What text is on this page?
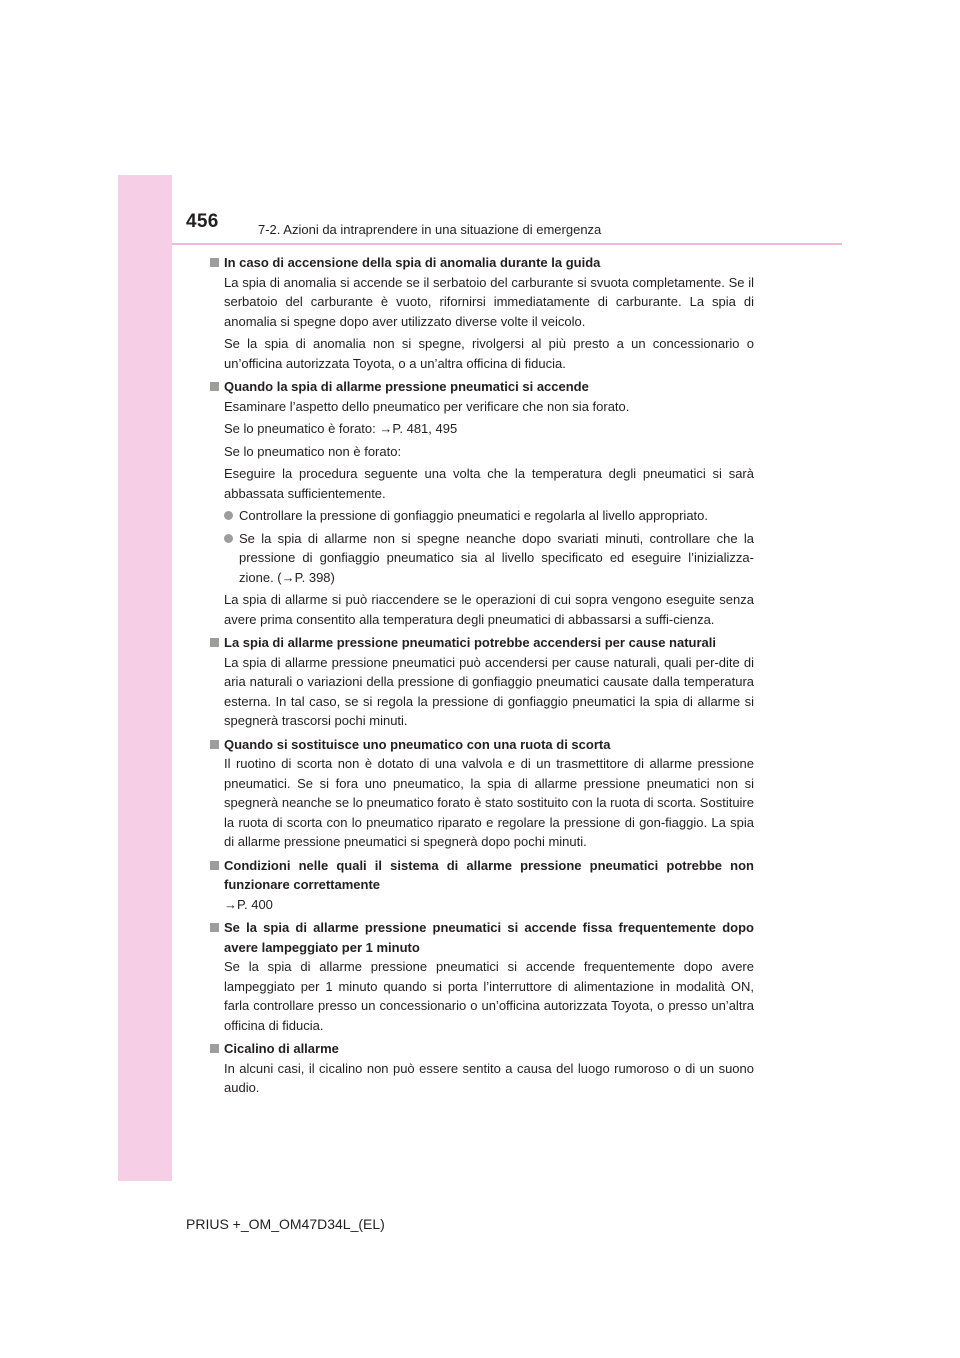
456	7-2. Azioni da intraprendere in una situazione di emergenza
In caso di accensione della spia di anomalia durante la guida

La spia di anomalia si accende se il serbatoio del carburante si svuota completamente. Se il serbatoio del carburante è vuoto, rifornirsi immediatamente di carburante. La spia di anomalia si spegne dopo aver utilizzato diverse volte il veicolo.

Se la spia di anomalia non si spegne, rivolgersi al più presto a un concessionario o un’officina autorizzata Toyota, o a un’altra officina di fiducia.

Quando la spia di allarme pressione pneumatici si accende

Esaminare l’aspetto dello pneumatico per verificare che non sia forato.

Se lo pneumatico è forato: →P. 481, 495

Se lo pneumatico non è forato:

Eseguire la procedura seguente una volta che la temperatura degli pneumatici si sarà abbassata sufficientemente.

Controllare la pressione di gonfiaggio pneumatici e regolarla al livello appropriato.
Se la spia di allarme non si spegne neanche dopo svariati minuti, controllare che la pressione di gonfiaggio pneumatico sia al livello specificato ed eseguire l’inizializza-zione. (→P. 398)

La spia di allarme si può riaccendere se le operazioni di cui sopra vengono eseguite senza avere prima consentito alla temperatura degli pneumatici di abbassarsi a suffi-cienza.

La spia di allarme pressione pneumatici potrebbe accendersi per cause naturali

La spia di allarme pressione pneumatici può accendersi per cause naturali, quali per-dite di aria naturali o variazioni della pressione di gonfiaggio pneumatici causate dalla temperatura esterna. In tal caso, se si regola la pressione di gonfiaggio pneumatici la spia di allarme si spegnerà trascorsi pochi minuti.

Quando si sostituisce uno pneumatico con una ruota di scorta

Il ruotino di scorta non è dotato di una valvola e di un trasmettitore di allarme pressione pneumatici. Se si fora uno pneumatico, la spia di allarme pressione pneumatici non si spegnerà neanche se lo pneumatico forato è stato sostituito con la ruota di scorta. Sostituire la ruota di scorta con lo pneumatico riparato e regolare la pressione di gon-fiaggio. La spia di allarme pressione pneumatici si spegnerà dopo pochi minuti.

Condizioni nelle quali il sistema di allarme pressione pneumatici potrebbe non funzionare correttamente

→P. 400

Se la spia di allarme pressione pneumatici si accende fissa frequentemente dopo avere lampeggiato per 1 minuto

Se la spia di allarme pressione pneumatici si accende frequentemente dopo avere lampeggiato per 1 minuto quando si porta l’interruttore di alimentazione in modalità ON, farla controllare presso un concessionario o un’officina autorizzata Toyota, o presso un’altra officina di fiducia.

Cicalino di allarme

In alcuni casi, il cicalino non può essere sentito a causa del luogo rumoroso o di un suono audio.

PRIUS +_OM_OM47D34L_(EL)
